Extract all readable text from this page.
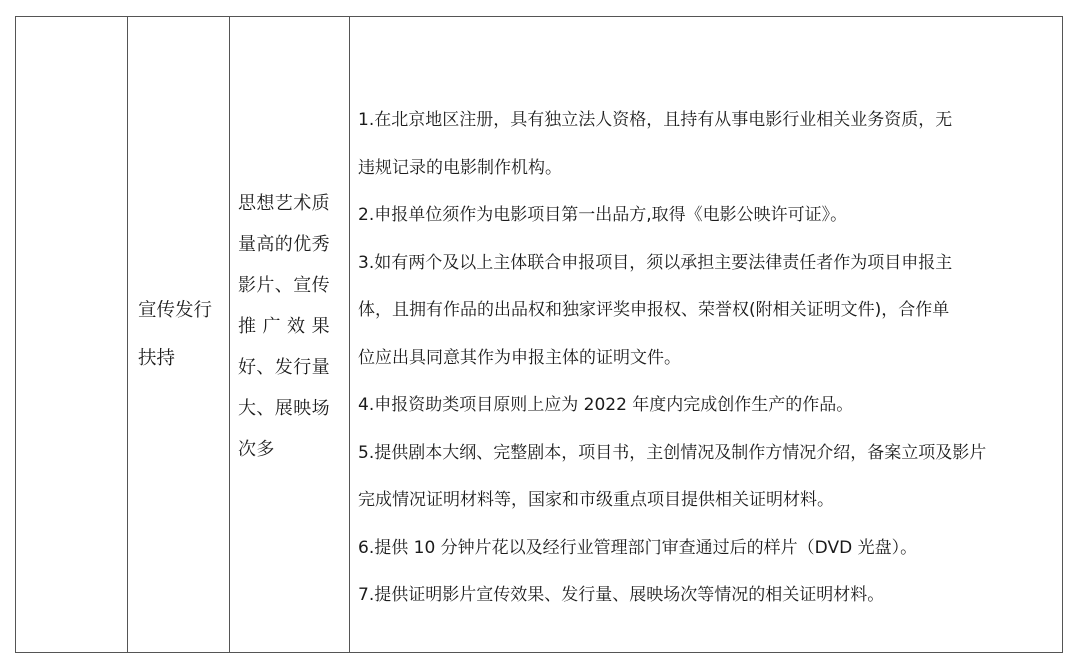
宣传发行
扶持
思想艺术质
量高的优秀
影片、宣传
推 广 效 果
好、发行量
大、展映场
次多
1.在北京地区注册，具有独立法人资格，且持有从事电影行业相关业务资质，无
违规记录的电影制作机构。
2.申报单位须作为电影项目第一出品方,取得《电影公映许可证》。
3.如有两个及以上主体联合申报项目，须以承担主要法律责任者作为项目申报主
体，且拥有作品的出品权和独家评奖申报权、荣誉权(附相关证明文件)，合作单
位应出具同意其作为申报主体的证明文件。
4.申报资助类项目原则上应为 2022 年度内完成创作生产的作品。
5.提供剧本大纲、完整剧本，项目书，主创情况及制作方情况介绍，备案立项及影片
完成情况证明材料等，国家和市级重点项目提供相关证明材料。
6.提供 10 分钟片花以及经行业管理部门审查通过后的样片（DVD 光盘）。
7.提供证明影片宣传效果、发行量、展映场次等情况的相关证明材料。
